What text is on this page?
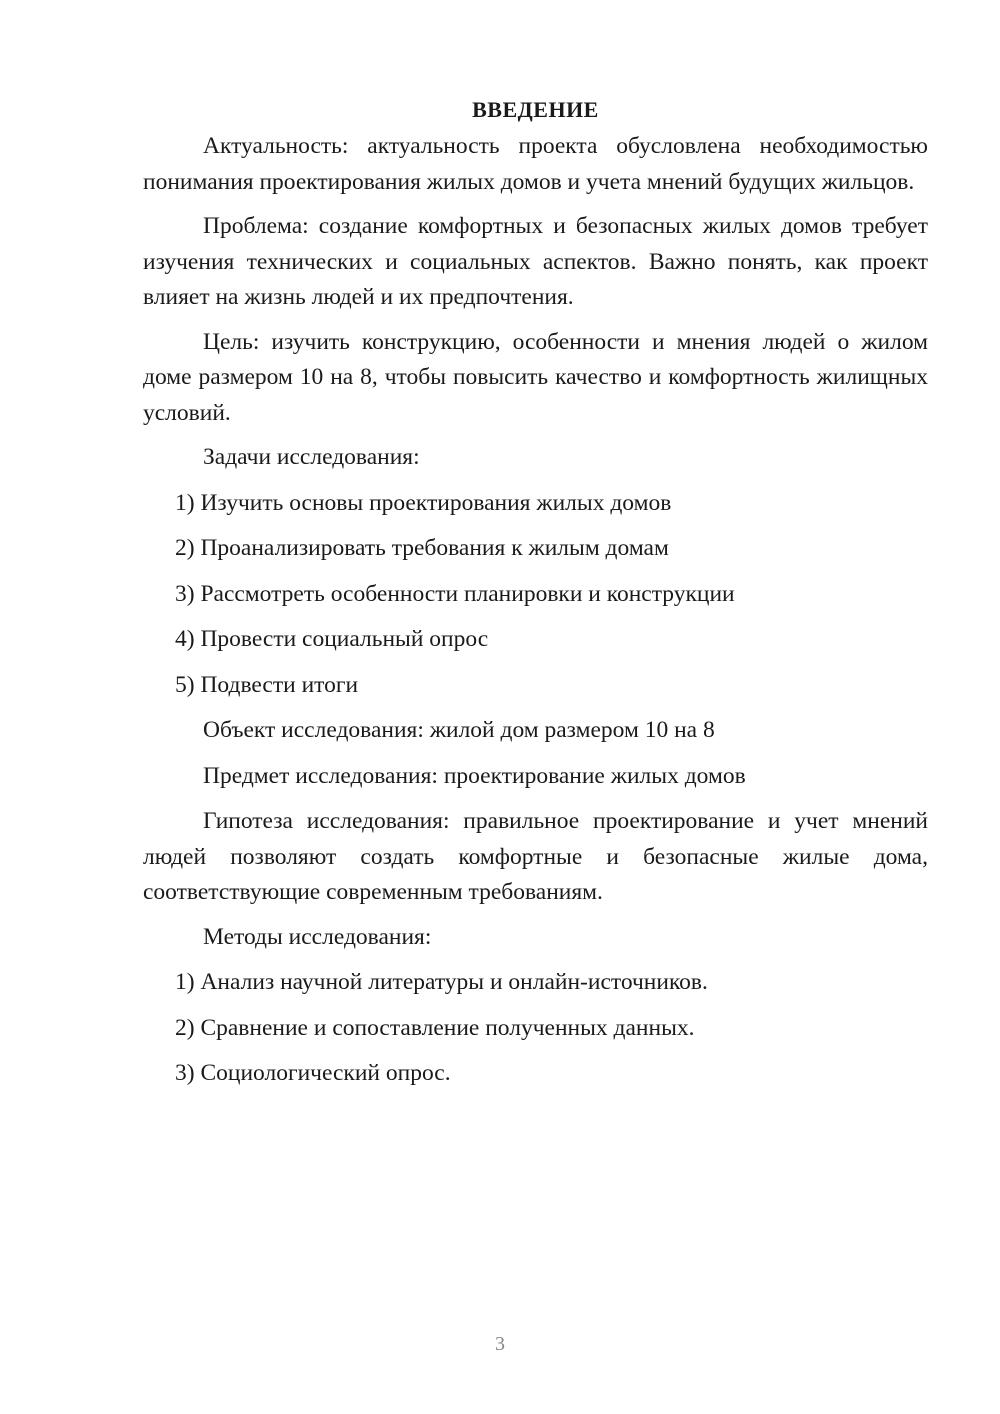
ВВЕДЕНИЕ

Актуальность: актуальность проекта обусловлена необходимостью понимания проектирования жилых домов и учета мнений будущих жильцов.

Проблема: создание комфортных и безопасных жилых домов требует изучения технических и социальных аспектов. Важно понять, как проект влияет на жизнь людей и их предпочтения.

Цель: изучить конструкцию, особенности и мнения людей о жилом доме размером 10 на 8, чтобы повысить качество и комфортность жилищных условий.

Задачи исследования:
1) Изучить основы проектирования жилых домов
2) Проанализировать требования к жилым домам
3) Рассмотреть особенности планировки и конструкции
4) Провести социальный опрос
5) Подвести итоги
Объект исследования: жилой дом размером 10 на 8
Предмет исследования: проектирование жилых домов

Гипотеза исследования: правильное проектирование и учет мнений людей позволяют создать комфортные и безопасные жилые дома, соответствующие современным требованиям.

Методы исследования:
1) Анализ научной литературы и онлайн-источников.
2) Сравнение и сопоставление полученных данных.
3) Социологический опрос.
3
